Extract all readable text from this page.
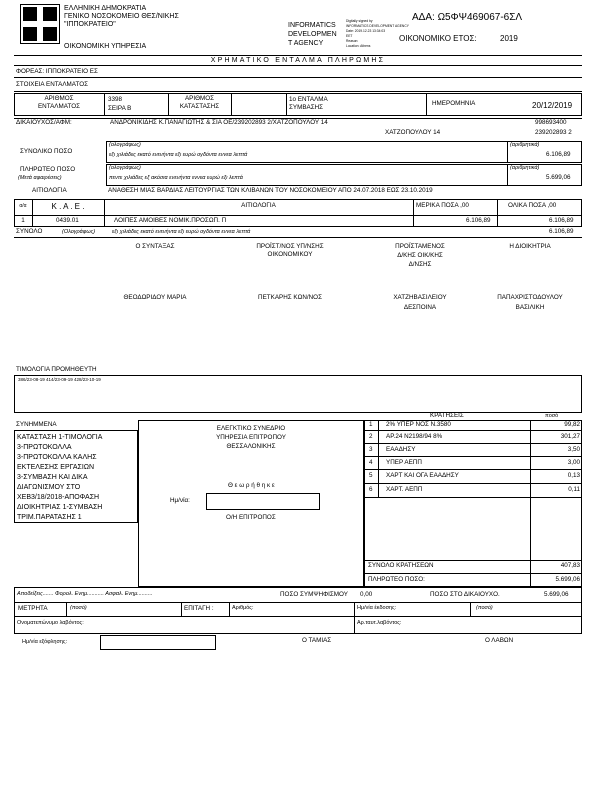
ΕΛΛΗΝΙΚΗ ΔΗΜΟΚΡΑΤΙΑ
ΓΕΝΙΚΟ ΝΟΣΟΚΟΜΕΙΟ ΘΕΣ/ΝΙΚΗΣ
"ΙΠΠΟΚΡΑΤΕΙΟ"
ΟΙΚΟΝΟΜΙΚΗ ΥΠΗΡΕΣΙΑ
INFORMATICS
DEVELOPMEN
T AGENCY
Digitally signed by
INFORMATICS DEVELOPMENT AGENCY
Date: 2019.12.23 13:34:03
EET
Reason:
Location: Athens
ΑΔΑ: Ω5ΦΨ469067-6ΣΛ
ΟΙΚΟΝΟΜΙΚΟ ΕΤΟΣ:	2019
ΧΡΗΜΑΤΙΚΟ ΕΝΤΑΛΜΑ ΠΛΗΡΩΜΗΣ
ΦΟΡΕΑΣ: ΙΠΠΟΚΡΑΤΕΙΟ ΕΣ
ΣΤΟΙΧΕΙΑ ΕΝΤΑΛΜΑΤΟΣ
ΑΡΙΘΜΟΣ
ΕΝΤΑΛΜΑΤΟΣ
3398
ΣΕΙΡΑ Β
ΑΡΙΘΜΟΣ
ΚΑΤΑΣΤΑΣΗΣ
1ο ΕΝΤΑΛΜΑ
ΣΥΜΒΑΣΗΣ
ΗΜΕΡΟΜΗΝΙΑ	20/12/2019
ΔΙΚΑΙΟΥΧΟΣ/ΑΦΜ:	ΑΝΔΡΟΝΙΚΙΔΗΣ Κ.ΠΑΝΑΓΙΩΤΗΣ & ΣΙΑ ΟΕ/239202893 2/ΧΑΤΖΟΠΟΥΛΟΥ 14
ΧΑΤΖΟΠΟΥΛΟΥ 14
998693400
239202893 2
ΣΥΝΟΛΙΚΟ ΠΟΣΟ
(ολογράφως)
εξι χιλιάδες εκατό ενενήντα εξι ευρώ ογδόντα εννεα λεπτά
(αριθμητικά)
6.106,89
ΠΛΗΡΩΤΕΟ ΠΟΣΟ
(Μετά αφαιρέσεις)
(ολογράφως)
πεντε χιλιάδες εξ ακόσια ενενήντα εννεα ευρώ εξι λεπτά
(αριθμητικά)
5.699,06
ΑΙΤΙΟΛΟΓΙΑ	ΑΝΑΘΕΣΗ ΜΙΑΣ ΒΑΡΔΙΑΣ ΛΕΙΤΟΥΡΓΙΑΣ ΤΩΝ ΚΛΙΒΑΝΩΝ ΤΟΥ ΝΟΣΟΚΟΜΕΙΟΥ ΑΠΟ 24.07.2018 ΕΩΣ 23.10.2019
α/α	Κ . Α . Ε .	ΑΙΤΙΟΛΟΓΙΑ	ΜΕΡΙΚΑ ΠΟΣΑ ,00	ΟΛΙΚΑ ΠΟΣΑ ,00
1	0439.01	ΛΟΙΠΕΣ ΑΜΟΙΒΕΣ ΝΟΜΙΚ.ΠΡΟΣΩΠ. Π	6.106,89	6.106,89
ΣΥΝΟΛΟ	(Ολογράφως)	εξι χιλιάδες εκατό ενενήντα εξι ευρώ ογδόντα εννεα λεπτά	6.106,89
Ο ΣΥΝΤΑΞΑΣ	ΠΡΟΪΣΤ/ΝΟΣ ΥΠ/ΝΣΗΣ
ΟΙΚΟΝΟΜΙΚΟΥ
ΠΡΟΪΣΤΑΜΕΝΟΣ
Δ/ΚΗΣ ΟΙΚ/ΚΗΣ
Δ/ΝΣΗΣ
Η ΔΙΟΙΚΗΤΡΙΑ
ΘΕΟΔΩΡΙΔΟΥ ΜΑΡΙΑ	ΠΕΤΚΑΡΗΣ ΚΩΝ/ΝΟΣ	ΧΑΤΖΗΒΑΣΙΛΕΙΟΥ
ΔΕΣΠΟΙΝΑ
ΠΑΠΑΧΡΙΣΤΟΔΟΥΛΟΥ
ΒΑΣΙΛΙΚΗ
ΤΙΜΟΛΟΓΙΑ ΠΡΟΜΗΘΕΥΤΗ
386/23-08-19 414/23-09-19 428/23-10-19
ΣΥΝΗΜΜΕΝΑ
ΚΡΑΤΗΣΕΙΣ	ποσό
ΚΑΤΑΣΤΑΣΗ 1-ΤΙΜΟΛΟΓΙΑ
3-ΠΡΩΤΟΚΟΛΛΑ
3-ΠΡΩΤΟΚΟΛΛΑ ΚΑΛΗΣ
ΕΚΤΕΛΕΣΗΣ ΕΡΓΑΣΙΩΝ
3-ΣΥΜΒΑΣΗ ΚΑΙ ΔΙΚΑ
ΔΙΑΓΩΝΙΣΜΟΥ ΣΤΟ
ΧΕΒ3/18/2018-ΑΠΟΦΑΣΗ
ΔΙΟΙΚΗΤΡΙΑΣ 1-ΣΥΜΒΑΣΗ
ΤΡΙΜ.ΠΑΡΑΤΑΣΗΣ 1
ΕΛΕΓΚΤΙΚΟ ΣΥΝΕΔΡΙΟ
ΥΠΗΡΕΣΙΑ ΕΠΙΤΡΟΠΟΥ
ΘΕΣΣΑΛΟΝΙΚΗΣ
Θ ε ω ρ ή θ η κ ε
Ημ/νία:
Ο/Η ΕΠΙΤΡΟΠΟΣ
1 2% ΥΠΕΡ ΝΟΣ Ν.3580	99,82
2 ΑΡ.24 Ν2198/94 8%	301,27
3 ΕΑΑΔΗΣΥ	3,50
4 ΥΠΕΡ ΑΕΠΠ	3,00
5 ΧΑΡΤ ΚΑΙ ΟΓΑ ΕΑΑΔΗΣΥ	0,13
6 ΧΑΡΤ. ΑΕΠΠ	0,11
ΣΥΝΟΛΟ ΚΡΑΤΗΣΕΩΝ	407,83
ΠΛΗΡΩΤΕΟ ΠΟΣΟ:	5.699,06
Αποδείξεις....... Φορολ. Ενημ........... Ασφαλ. Ενημ..........	ΠΟΣΟ ΣΥΜΨΗΦΙΣΜΟΥ 0,00	ΠΟΣΟ ΣΤΟ ΔΙΚΑΙΟΥΧΟ.	5.699,06
ΜΕΤΡΗΤΑ	(ποσό)	ΕΠΙΤΑΓΗ :	Αριθμός:	Ημ/νία έκδοσης:	(ποσό)
Ονοματεπώνυμο λαβόντος:	Αρ.ταυτ.λαβόντος:
Ημ/νία εξόφλησης:	Ο ΤΑΜΙΑΣ	Ο ΛΑΒΩΝ
